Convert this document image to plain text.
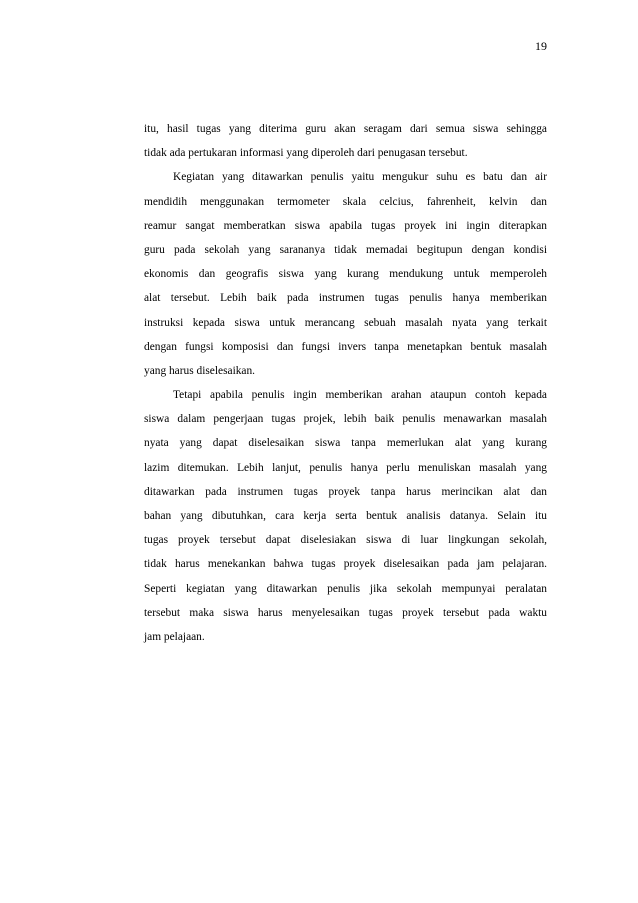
19
itu, hasil tugas yang diterima guru akan seragam dari semua siswa sehingga
tidak ada pertukaran informasi yang diperoleh dari penugasan tersebut.
Kegiatan yang ditawarkan penulis yaitu mengukur suhu es batu dan air
mendidih menggunakan termometer skala celcius, fahrenheit, kelvin dan
reamur sangat memberatkan siswa apabila tugas proyek ini ingin diterapkan
guru pada sekolah yang sarananya tidak memadai begitupun dengan kondisi
ekonomis dan geografis siswa yang kurang mendukung untuk memperoleh
alat tersebut. Lebih baik pada instrumen tugas penulis hanya memberikan
instruksi kepada siswa untuk merancang sebuah masalah nyata yang terkait
dengan fungsi komposisi dan fungsi invers tanpa menetapkan bentuk masalah
yang harus diselesaikan.
Tetapi apabila penulis ingin memberikan arahan ataupun contoh kepada
siswa dalam pengerjaan tugas projek, lebih baik penulis menawarkan masalah
nyata yang dapat diselesaikan siswa tanpa memerlukan alat yang kurang
lazim ditemukan. Lebih lanjut, penulis hanya perlu menuliskan masalah yang
ditawarkan pada instrumen tugas proyek tanpa harus merincikan alat dan
bahan yang dibutuhkan, cara kerja serta bentuk analisis datanya. Selain itu
tugas proyek tersebut dapat diselesiakan siswa di luar lingkungan sekolah,
tidak harus menekankan bahwa tugas proyek diselesaikan pada jam pelajaran.
Seperti kegiatan yang ditawarkan penulis jika sekolah mempunyai peralatan
tersebut maka siswa harus menyelesaikan tugas proyek tersebut pada waktu
jam pelajaan.
